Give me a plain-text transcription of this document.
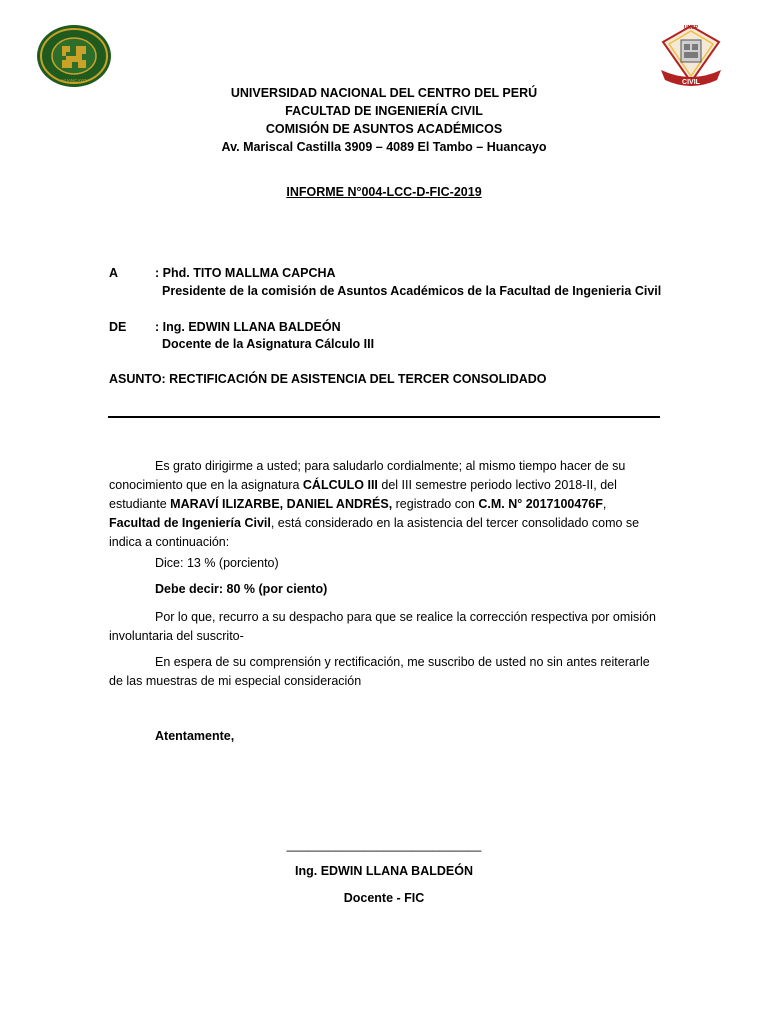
HUANCAYO	CIVIL
UNCP
UNIVERSIDAD NACIONAL DEL CENTRO DEL PERÚ
FACULTAD DE INGENIERÍA CIVIL
COMISIÓN DE ASUNTOS ACADÉMICOS
Av. Mariscal Castilla 3909 – 4089 El Tambo – Huancayo
INFORME N°004-LCC-D-FIC-2019
A	: Phd. TITO MALLMA CAPCHA
Presidente de la comisión de Asuntos Académicos de la Facultad de Ingenieria Civil
DE : Ing. EDWIN LLANA BALDEÓN
Docente de la Asignatura Cálculo III
ASUNTO: RECTIFICACIÓN DE ASISTENCIA DEL TERCER CONSOLIDADO
Es grato dirigirme a usted; para saludarlo cordialmente; al mismo tiempo hacer de su conocimiento que en la asignatura CÁLCULO III del III semestre periodo lectivo 2018-II, del estudiante MARAVÍ ILIZARBE, DANIEL ANDRÉS, registrado con C.M. N° 2017100476F, Facultad de Ingeniería Civil, está considerado en la asistencia del tercer consolidado como se indica a continuación:
Dice: 13 % (porciento)
Debe decir: 80 % (por ciento)
Por lo que, recurro a su despacho para que se realice la corrección respectiva por omisión involuntaria del suscrito-
En espera de su comprensión y rectificación, me suscribo de usted no sin antes reiterarle de las muestras de mi especial consideración
Atentamente,
____________________________
Ing. EDWIN LLANA BALDEÓN
Docente - FIC
